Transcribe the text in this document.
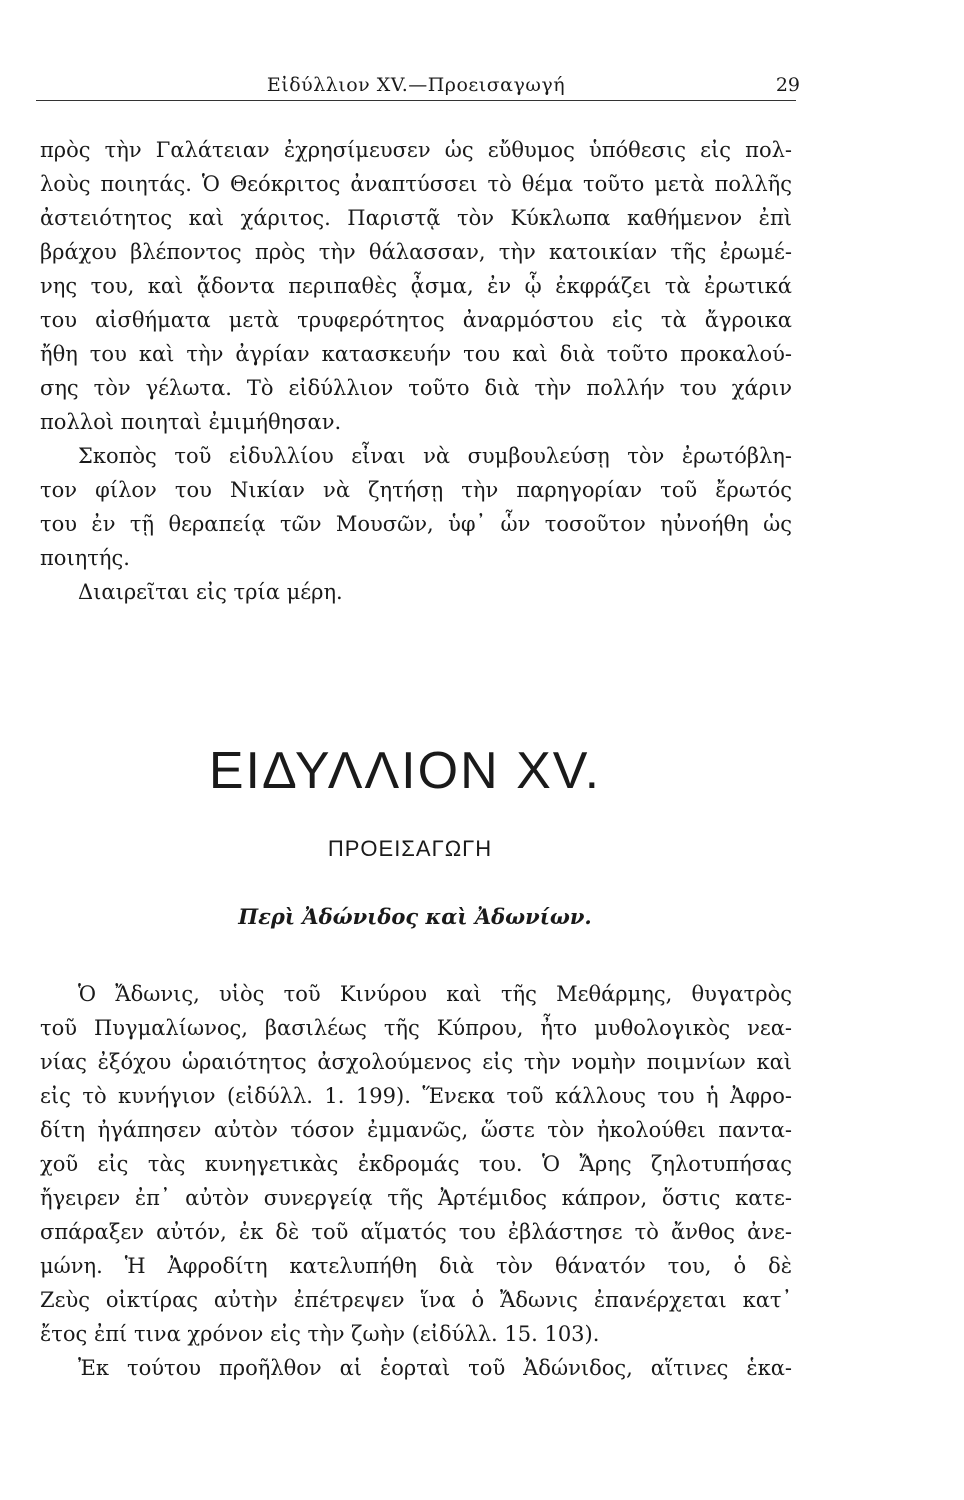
Εἰδύλλιον XV.—Προεισαγωγή	29
πρὸς τὴν Γαλάτειαν ἐχρησίμευσεν ὡς εὔθυμος ὑπόθεσις εἰς πολ-
λοὺς ποιητάς. Ὁ Θεόκριτος ἀναπτύσσει τὸ θέμα τοῦτο μετὰ πολλῆς
ἀστειότητος καὶ χάριτος. Παριστᾷ τὸν Κύκλωπα καθήμενον ἐπὶ
βράχου βλέποντος πρὸς τὴν θάλασσαν, τὴν κατοικίαν τῆς ἐρωμέ-
νης του, καὶ ᾄδοντα περιπαθὲς ᾆσμα, ἐν ᾧ ἐκφράζει τὰ ἐρωτικά
του αἰσθήματα μετὰ τρυφερότητος ἀναρμόστου εἰς τὰ ἄγροικα
ἤθη του καὶ τὴν ἀγρίαν κατασκευήν του καὶ διὰ τοῦτο προκαλού-
σης τὸν γέλωτα. Τὸ εἰδύλλιον τοῦτο διὰ τὴν πολλήν του χάριν
πολλοὶ ποιηταὶ ἐμιμήθησαν.
Σκοπὸς τοῦ εἰδυλλίου εἶναι νὰ συμβουλεύσῃ τὸν ἐρωτόβλη-
τον φίλον του Νικίαν νὰ ζητήσῃ τὴν παρηγορίαν τοῦ ἔρωτός
του ἐν τῇ θεραπείᾳ τῶν Μουσῶν, ὑφ᾽ ὧν τοσοῦτον ηὐνοήθη ὡς
ποιητής.
Διαιρεῖται εἰς τρία μέρη.
ΕΙΔΥΛΛΙΟΝ XV.
ΠΡΟΕΙΣΑΓΩΓΗ
Περὶ Ἀδώνιδος καὶ Ἀδωνίων.
Ὁ Ἄδωνις, υἱὸς τοῦ Κινύρου καὶ τῆς Μεθάρμης, θυγατρὸς
τοῦ Πυγμαλίωνος, βασιλέως τῆς Κύπρου, ἦτο μυθολογικὸς νεα-
νίας ἐξόχου ὡραιότητος ἀσχολούμενος εἰς τὴν νομὴν ποιμνίων καὶ
εἰς τὸ κυνήγιον (εἰδύλλ. 1. 199). Ἕνεκα τοῦ κάλλους του ἡ Ἀφρο-
δίτη ἠγάπησεν αὐτὸν τόσον ἐμμανῶς, ὥστε τὸν ἠκολούθει παντα-
χοῦ εἰς τὰς κυνηγετικὰς ἐκδρομάς του. Ὁ Ἄρης ζηλοτυπήσας
ἤγειρεν ἐπ᾽ αὐτὸν συνεργείᾳ τῆς Ἀρτέμιδος κάπρον, ὅστις κατε-
σπάραξεν αὐτόν, ἐκ δὲ τοῦ αἵματός του ἐβλάστησε τὸ ἄνθος ἀνε-
μώνη. Ἡ Ἀφροδίτη κατελυπήθη διὰ τὸν θάνατόν του, ὁ δὲ
Ζεὺς οἰκτίρας αὐτὴν ἐπέτρεψεν ἵνα ὁ Ἄδωνις ἐπανέρχεται κατ᾽
ἔτος ἐπί τινα χρόνον εἰς τὴν ζωὴν (εἰδύλλ. 15. 103).
Ἐκ τούτου προῆλθον αἱ ἑορταὶ τοῦ Ἀδώνιδος, αἵτινες ἑκα-
